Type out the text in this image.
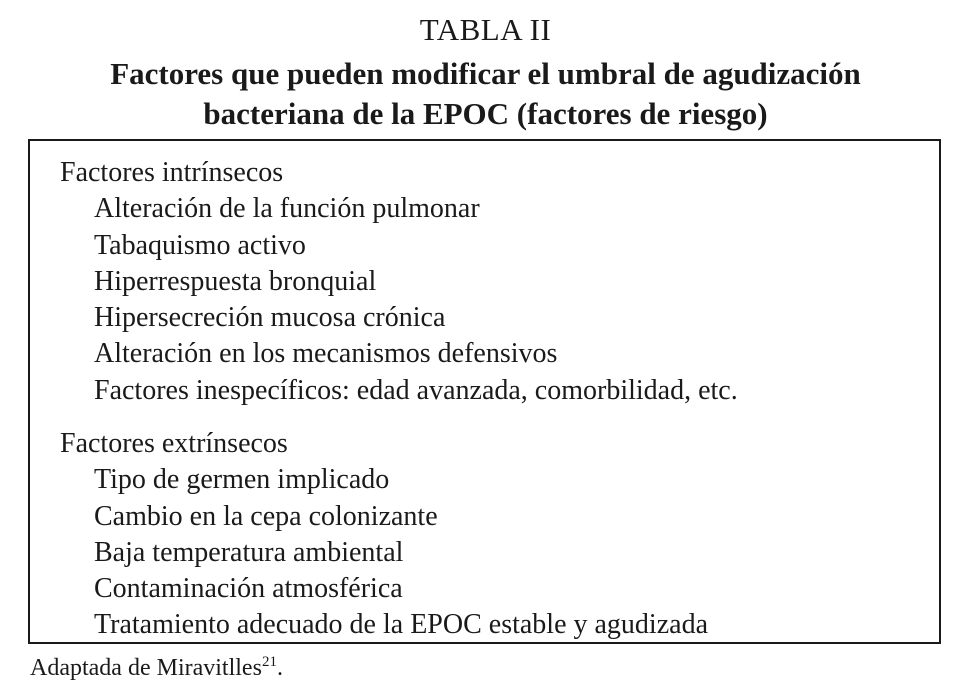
TABLA II
Factores que pueden modificar el umbral de agudización
bacteriana de la EPOC (factores de riesgo)
Factores intrínsecos
Alteración de la función pulmonar
Tabaquismo activo
Hiperrespuesta bronquial
Hipersecreción mucosa crónica
Alteración en los mecanismos defensivos
Factores inespecíficos: edad avanzada, comorbilidad, etc.
Factores extrínsecos
Tipo de germen implicado
Cambio en la cepa colonizante
Baja temperatura ambiental
Contaminación atmosférica
Tratamiento adecuado de la EPOC estable y agudizada
Adaptada de Miravitlles$^{21}$.
